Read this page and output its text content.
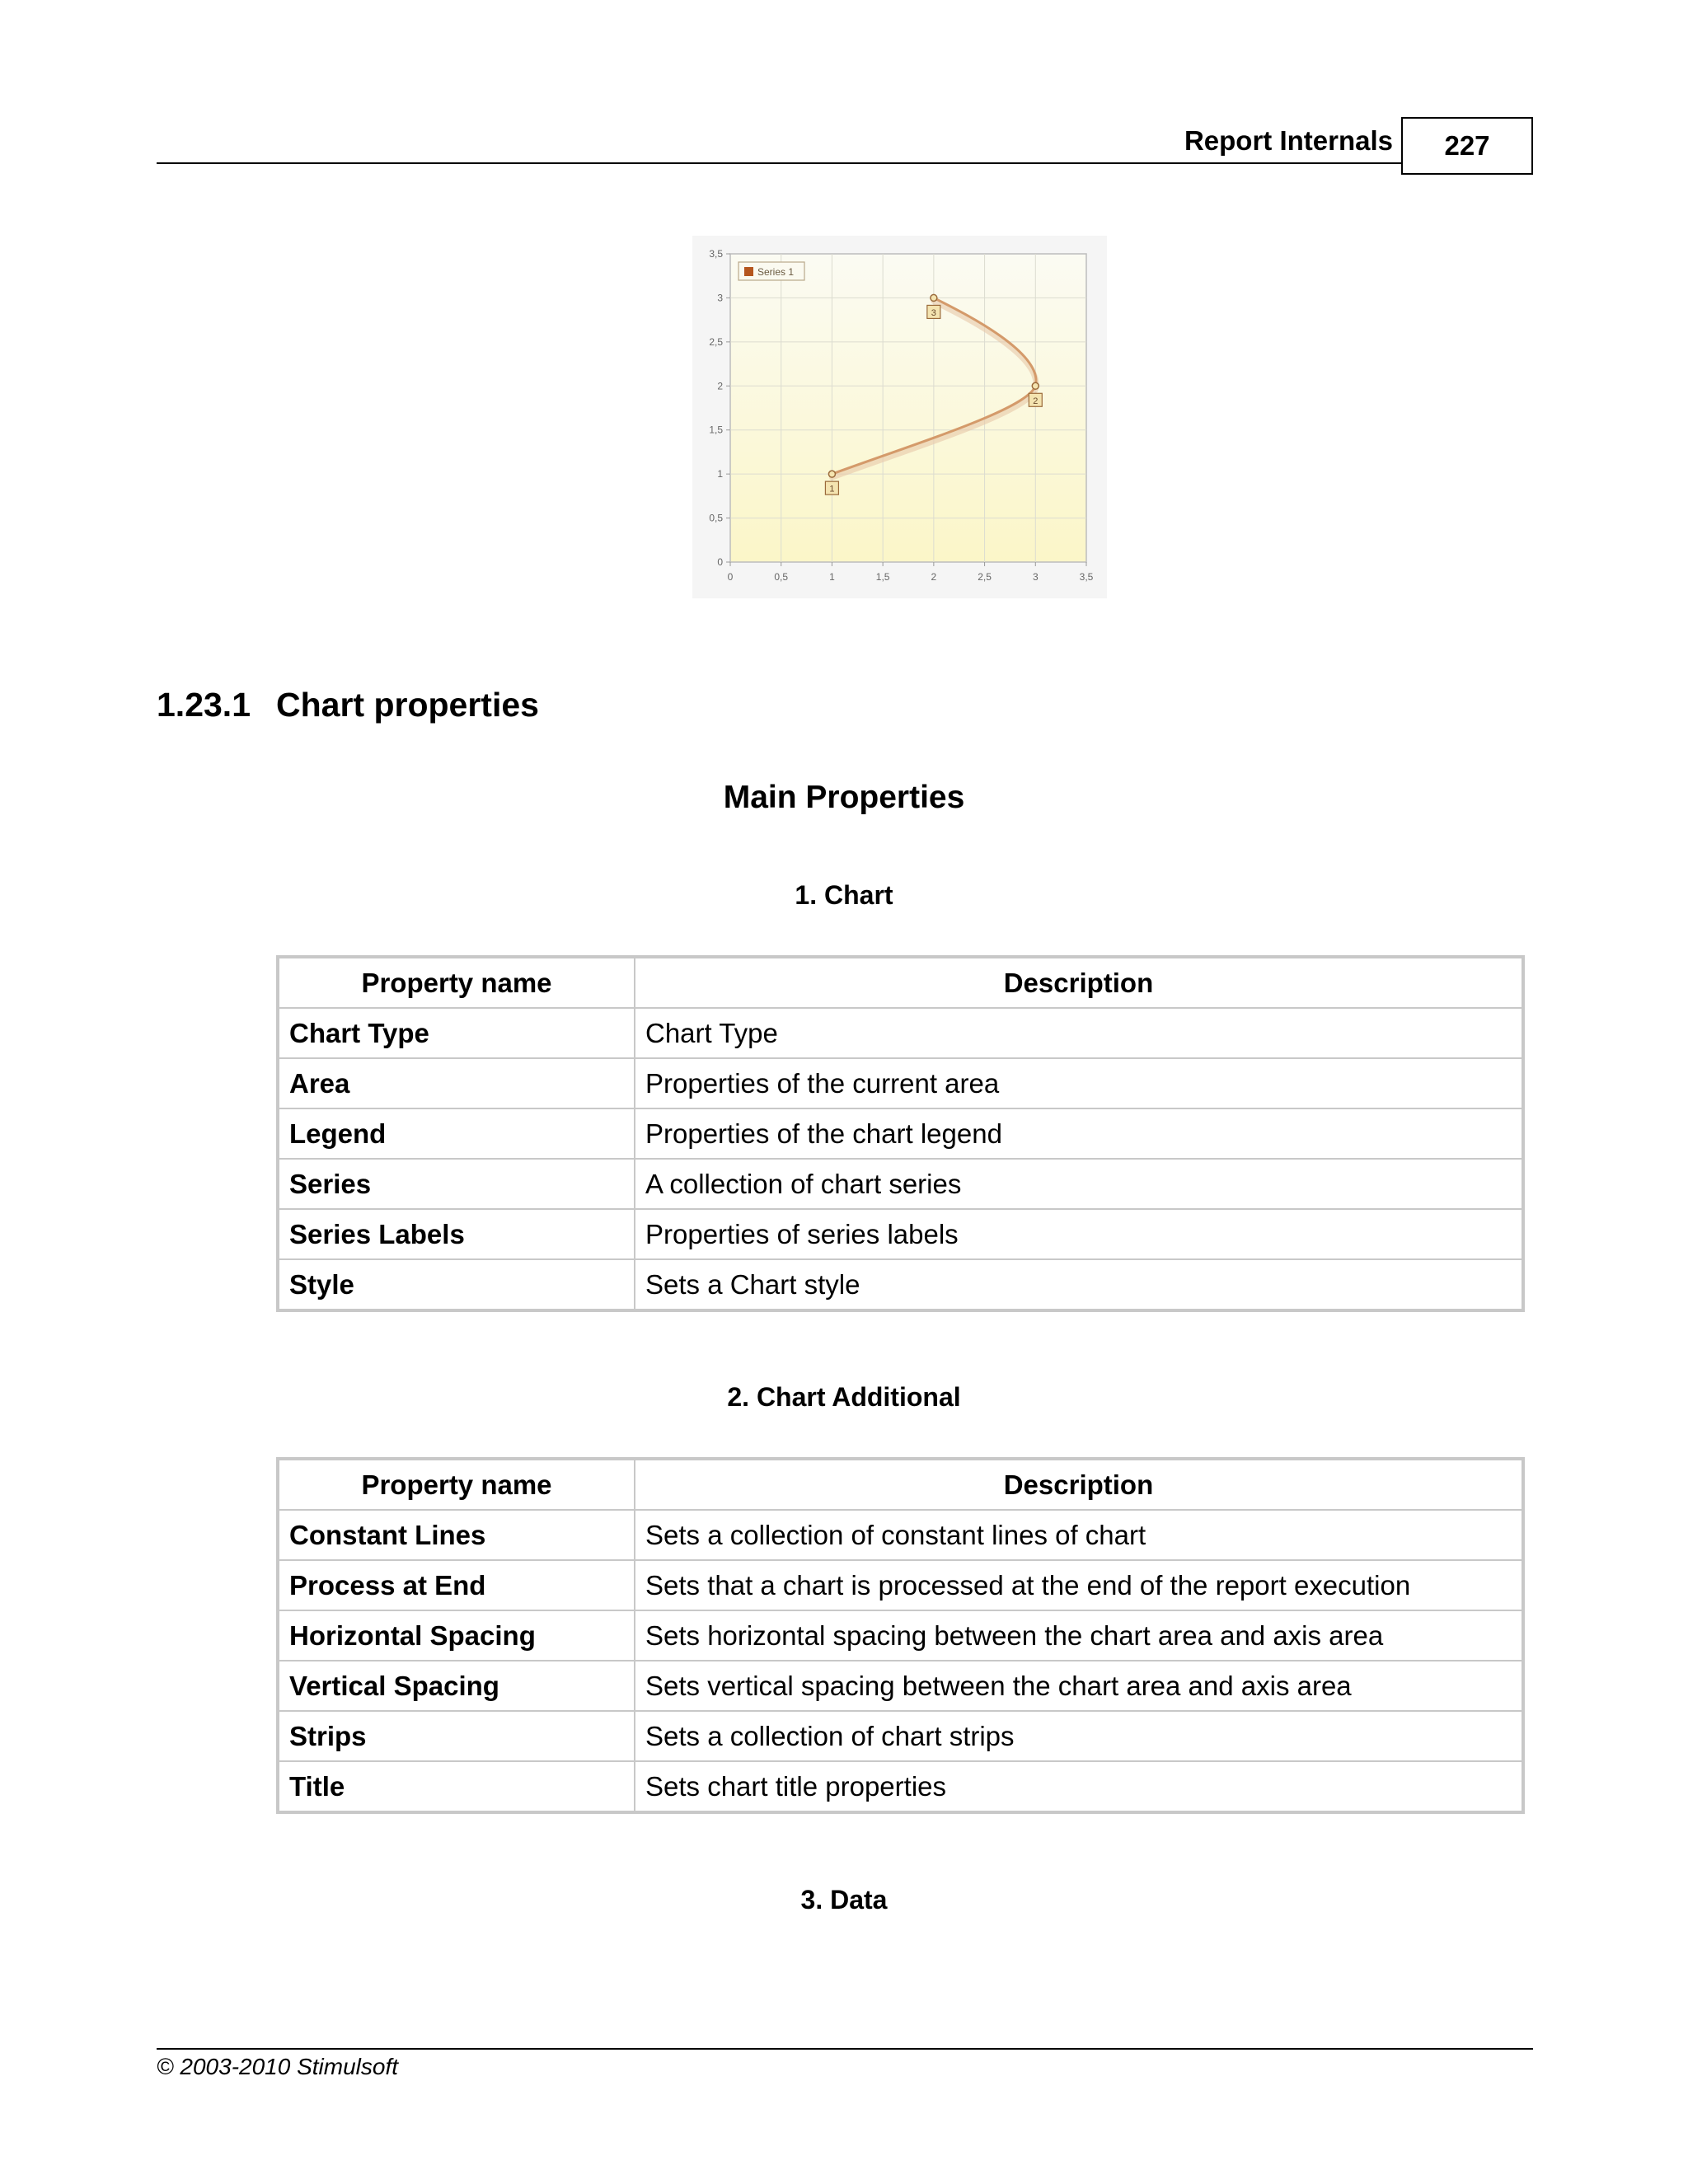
Report Internals 227
0	0,5	1	1,5	2	2,5	3	3,5
0
0,5
1
1,5
2
2,5
3
3,5
1
2
3
Series 1
1.23.1 Chart properties
Main Properties
1. Chart
Property name	Description
Chart Type	Chart Type
Area	Properties of the current area
Legend	Properties of the chart legend
Series	A collection of chart series
Series Labels	Properties of series labels
Style	Sets a Chart style
2. Chart Additional
Property name	Description
Constant Lines	Sets a collection of constant lines of chart
Process at End	Sets that a chart is processed at the end of the report execution
Horizontal Spacing	Sets horizontal spacing between the chart area and axis area
Vertical Spacing	Sets vertical spacing between the chart area and axis area
Strips	Sets a collection of chart strips
Title	Sets chart title properties
3. Data
© 2003-2010 Stimulsoft
